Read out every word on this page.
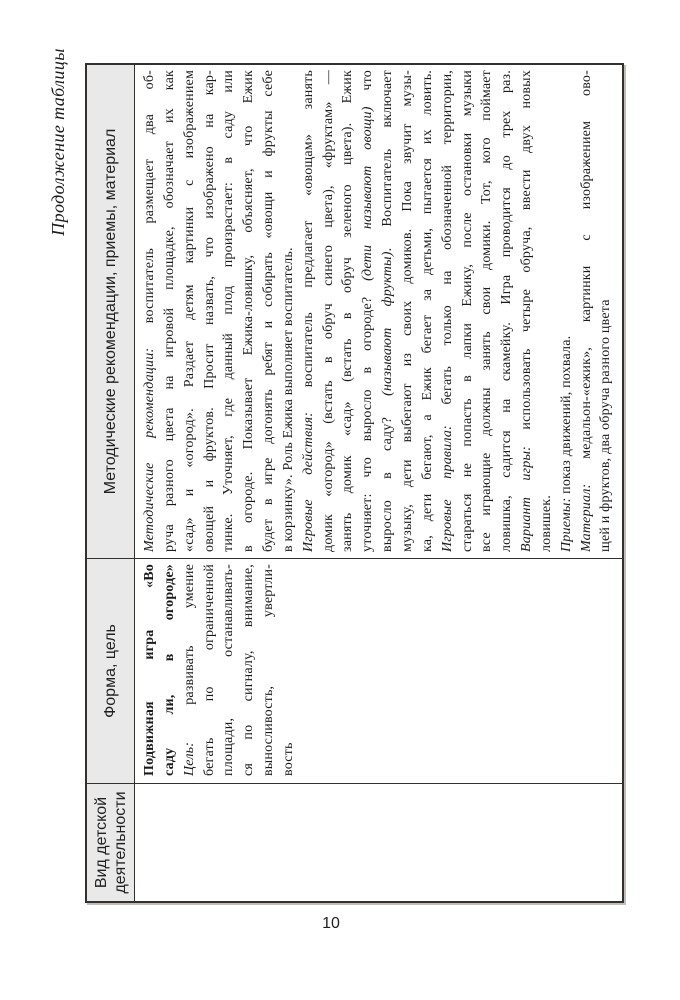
Продолжение таблицы
Вид детской деятельности
Форма, цель
Методические рекомендации, приемы, материал
Подвижная игра «Во саду ли, в огороде» Цель: развивать умение бегать по ограниченной площади, останавливать- ся по сигналу, внимание, выносливость, увертли- вость
Методические рекомендации: воспитатель размещает два об- руча разного цвета на игровой площадке, обозначает их как «сад» и «огород». Раздает детям картинки с изображением овощей и фруктов. Просит назвать, что изображено на кар- тинке. Уточняет, где данный плод произрастает: в саду или в огороде. Показывает Ежика-ловишку, объясняет, что Ежик будет в игре догонять ребят и собирать «овощи и фрукты себе в корзинку». Роль Ежика выполняет воспитатель. Игровые действия: воспитатель предлагает «овощам» занять домик «огород» (встать в обруч синего цвета), «фруктам» — занять домик «сад» (встать в обруч зеленого цвета). Ежик уточняет: что выросло в огороде? (дети называют овощи) что
выросло в саду? (называют фрукты). Воспитатель включает музыку, дети выбегают из своих домиков. Пока звучит музы- ка, дети бегают, а Ежик бегает за детьми, пытается их ловить. Игровые правила: бегать только на обозначенной территории, стараться не попасть в лапки Ежику, после остановки музыки все играющие должны занять свои домики. Тот, кого поймает ловишка, садится на скамейку. Игра проводится до трех раз. Вариант игры: использовать четыре обруча, ввести двух новых
ловишек. Приемы: показ движений, похвала.
Материал: медальон-«ежик», картинки с изображением ово- щей и фруктов, два обруча разного цвета
10
